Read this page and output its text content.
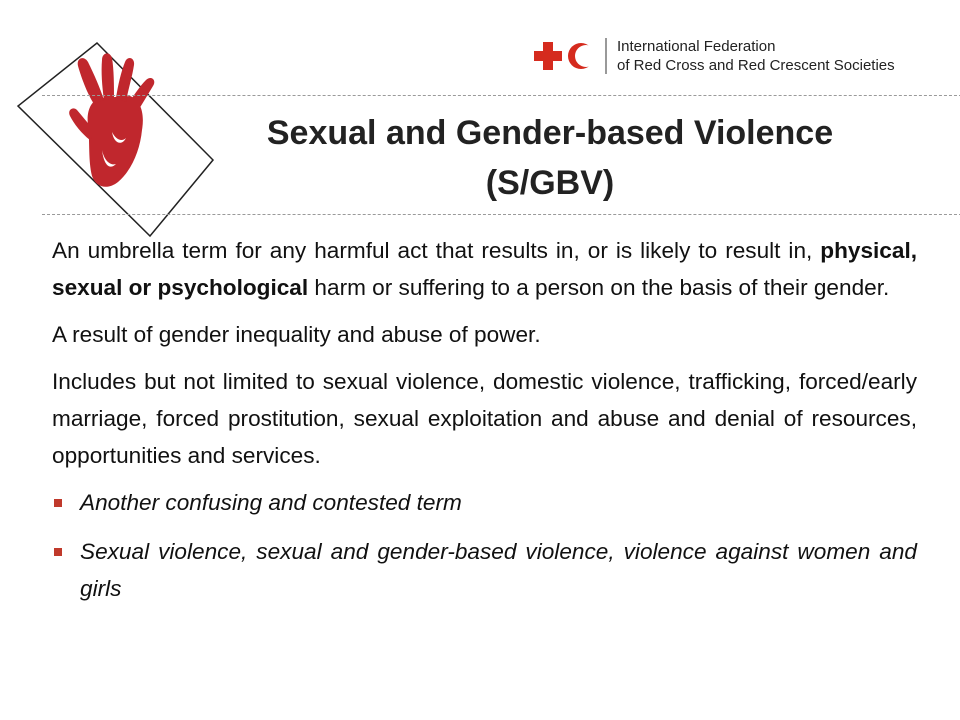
International Federation
of Red Cross and Red Crescent Societies
Sexual and Gender-based Violence
(S/GBV)

An umbrella term for any harmful act that results in, or is likely to result in, physical, sexual or psychological harm or suffering to a person on the basis of their gender.

A result of gender inequality and abuse of power.

Includes but not limited to sexual violence, domestic violence, trafficking, forced/early marriage, forced prostitution, sexual exploitation and abuse and denial of resources, opportunities and services.

Another confusing and contested term
Sexual violence, sexual and gender-based violence, violence against women and girls
